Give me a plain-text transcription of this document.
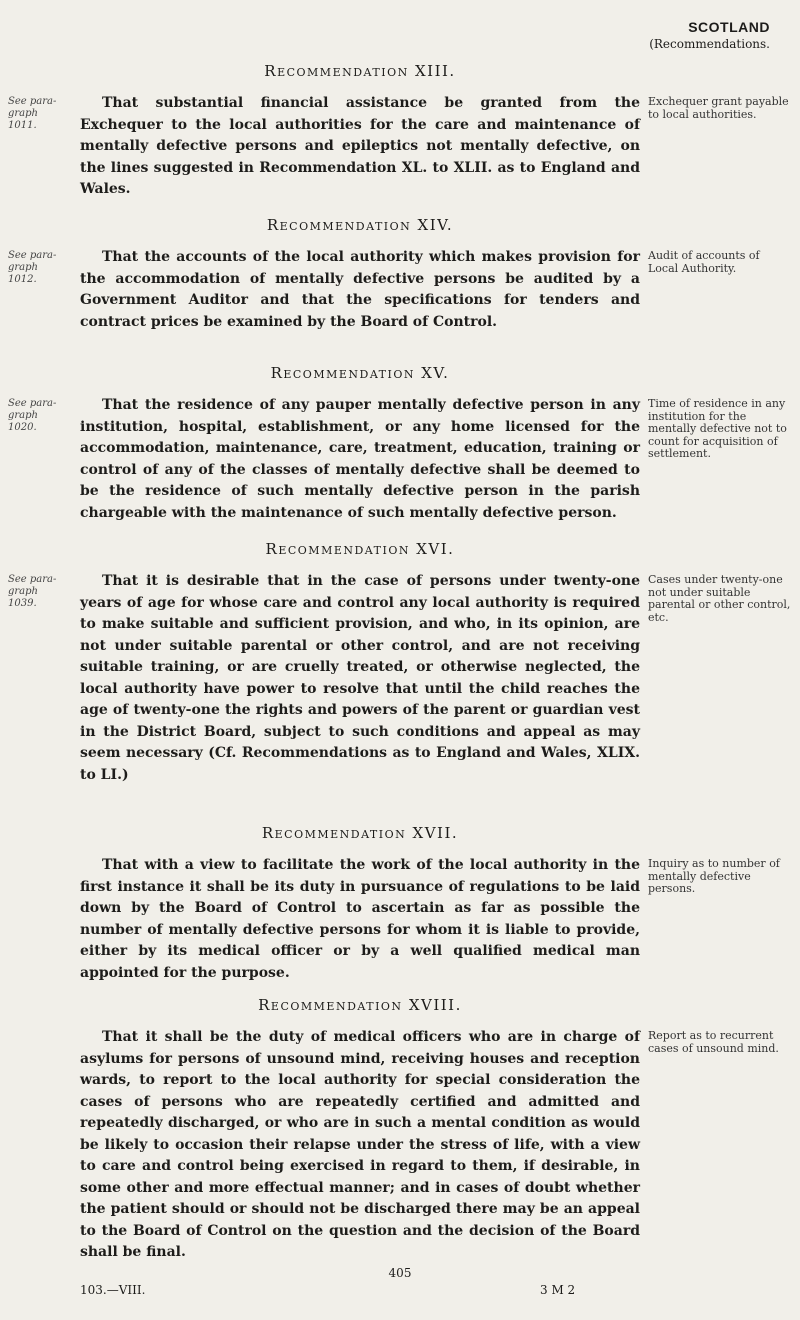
SCOTLAND
(Recommendations.
Recommendation XIII.
See para-graph 1011.

That substantial financial assistance be granted from the Exchequer to the local authorities for the care and maintenance of mentally defective persons and epileptics not mentally defective, on the lines suggested in Recommendation XL. to XLII. as to England and Wales.

Exchequer grant payable to local authorities.
Recommendation XIV.
See para-graph 1012.

That the accounts of the local authority which makes provision for the accommodation of mentally defective persons be audited by a Government Auditor and that the specifications for tenders and contract prices be examined by the Board of Control.

Audit of accounts of Local Authority.
Recommendation XV.
See para-graph 1020.

That the residence of any pauper mentally defective person in any institution, hospital, establishment, or any home licensed for the accommodation, maintenance, care, treatment, education, training or control of any of the classes of mentally defective shall be deemed to be the residence of such mentally defective person in the parish chargeable with the maintenance of such mentally defective person.

Time of residence in any institution for the mentally defective not to count for acquisition of settlement.
Recommendation XVI.
See para-graph 1039.

That it is desirable that in the case of persons under twenty-one years of age for whose care and control any local authority is required to make suitable and sufficient provision, and who, in its opinion, are not under suitable parental or other control, and are not receiving suitable training, or are cruelly treated, or otherwise neglected, the local authority have power to resolve that until the child reaches the age of twenty-one the rights and powers of the parent or guardian vest in the District Board, subject to such conditions and appeal as may seem necessary (Cf. Recommendations as to England and Wales, XLIX. to LI.)

Cases under twenty-one not under suitable parental or other control, etc.
Recommendation XVII.

That with a view to facilitate the work of the local authority in the first instance it shall be its duty in pursuance of regulations to be laid down by the Board of Control to ascertain as far as possible the number of mentally defective persons for whom it is liable to provide, either by its medical officer or by a well qualified medical man appointed for the purpose.

Inquiry as to number of mentally defective persons.
Recommendation XVIII.

That it shall be the duty of medical officers who are in charge of asylums for persons of unsound mind, receiving houses and reception wards, to report to the local authority for special consideration the cases of persons who are repeatedly certified and admitted and repeatedly discharged, or who are in such a mental condition as would be likely to occasion their relapse under the stress of life, with a view to care and control being exercised in regard to them, if desirable, in some other and more effectual manner; and in cases of doubt whether the patient should or should not be discharged there may be an appeal to the Board of Control on the question and the decision of the Board shall be final.

Report as to recurrent cases of unsound mind.
405
103.—VIII.	3 M 2
